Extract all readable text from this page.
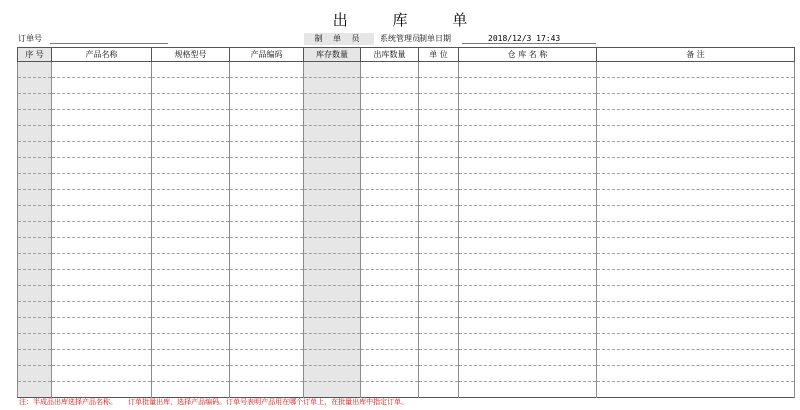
出 库 单
订单号	制 单 员	系统管理员 制单日期	2018/12/3 17:43
序 号	产品名称	规格型号	产品编码	库存数量	出库数量	单 位	仓 库 名 称	备 注

注：半成品出库选择产品名称。     订单批量出库，选择产品编码。订单号表明产品用在哪个订单上，在批量出库中指定订单。
